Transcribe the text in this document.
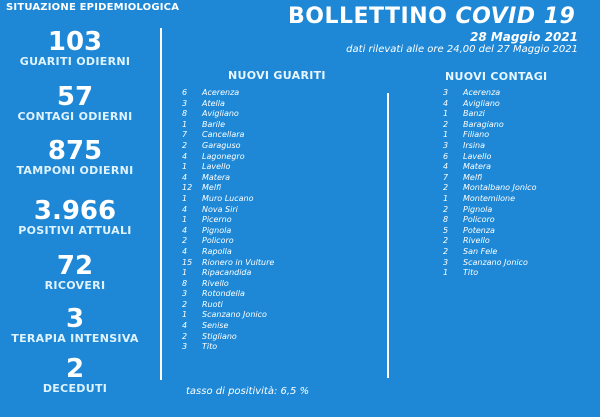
SITUAZIONE EPIDEMIOLOGICA
103
GUARITI ODIERNI
57
CONTAGI ODIERNI
875
TAMPONI ODIERNI
3.966
POSITIVI ATTUALI
72
RICOVERI
3
TERAPIA INTENSIVA
2
DECEDUTI
BOLLETTINO COVID 19
28 Maggio 2021
dati rilevati alle ore 24,00 del 27 Maggio 2021
NUOVI GUARITI	NUOVI CONTAGI
6 Acerenza
3 Atella
8 Avigliano
1 Barile
7 Cancellara
2 Garaguso
4 Lagonegro
1 Lavello
4 Matera
12 Melfi
1 Muro Lucano
4 Nova Siri
1 Picerno
4 Pignola
2 Policoro
4 Rapolla
15 Rionero in Vulture
1 Ripacandida
8 Rivello
3 Rotondella
2 Ruoti
1 Scanzano Jonico
4 Senise
2 Stigliano
3 Tito
3 Acerenza
4 Avigliano
1 Banzi
2 Baragiano
1 Filiano
3 Irsina
6 Lavello
4 Matera
7 Melfi
2 Montalbano Jonico
1 Montemilone
2 Pignola
8 Policoro
5 Potenza
2 Rivello
2 San Fele
3 Scanzano Jonico
1 Tito
tasso di positività: 6,5 %
